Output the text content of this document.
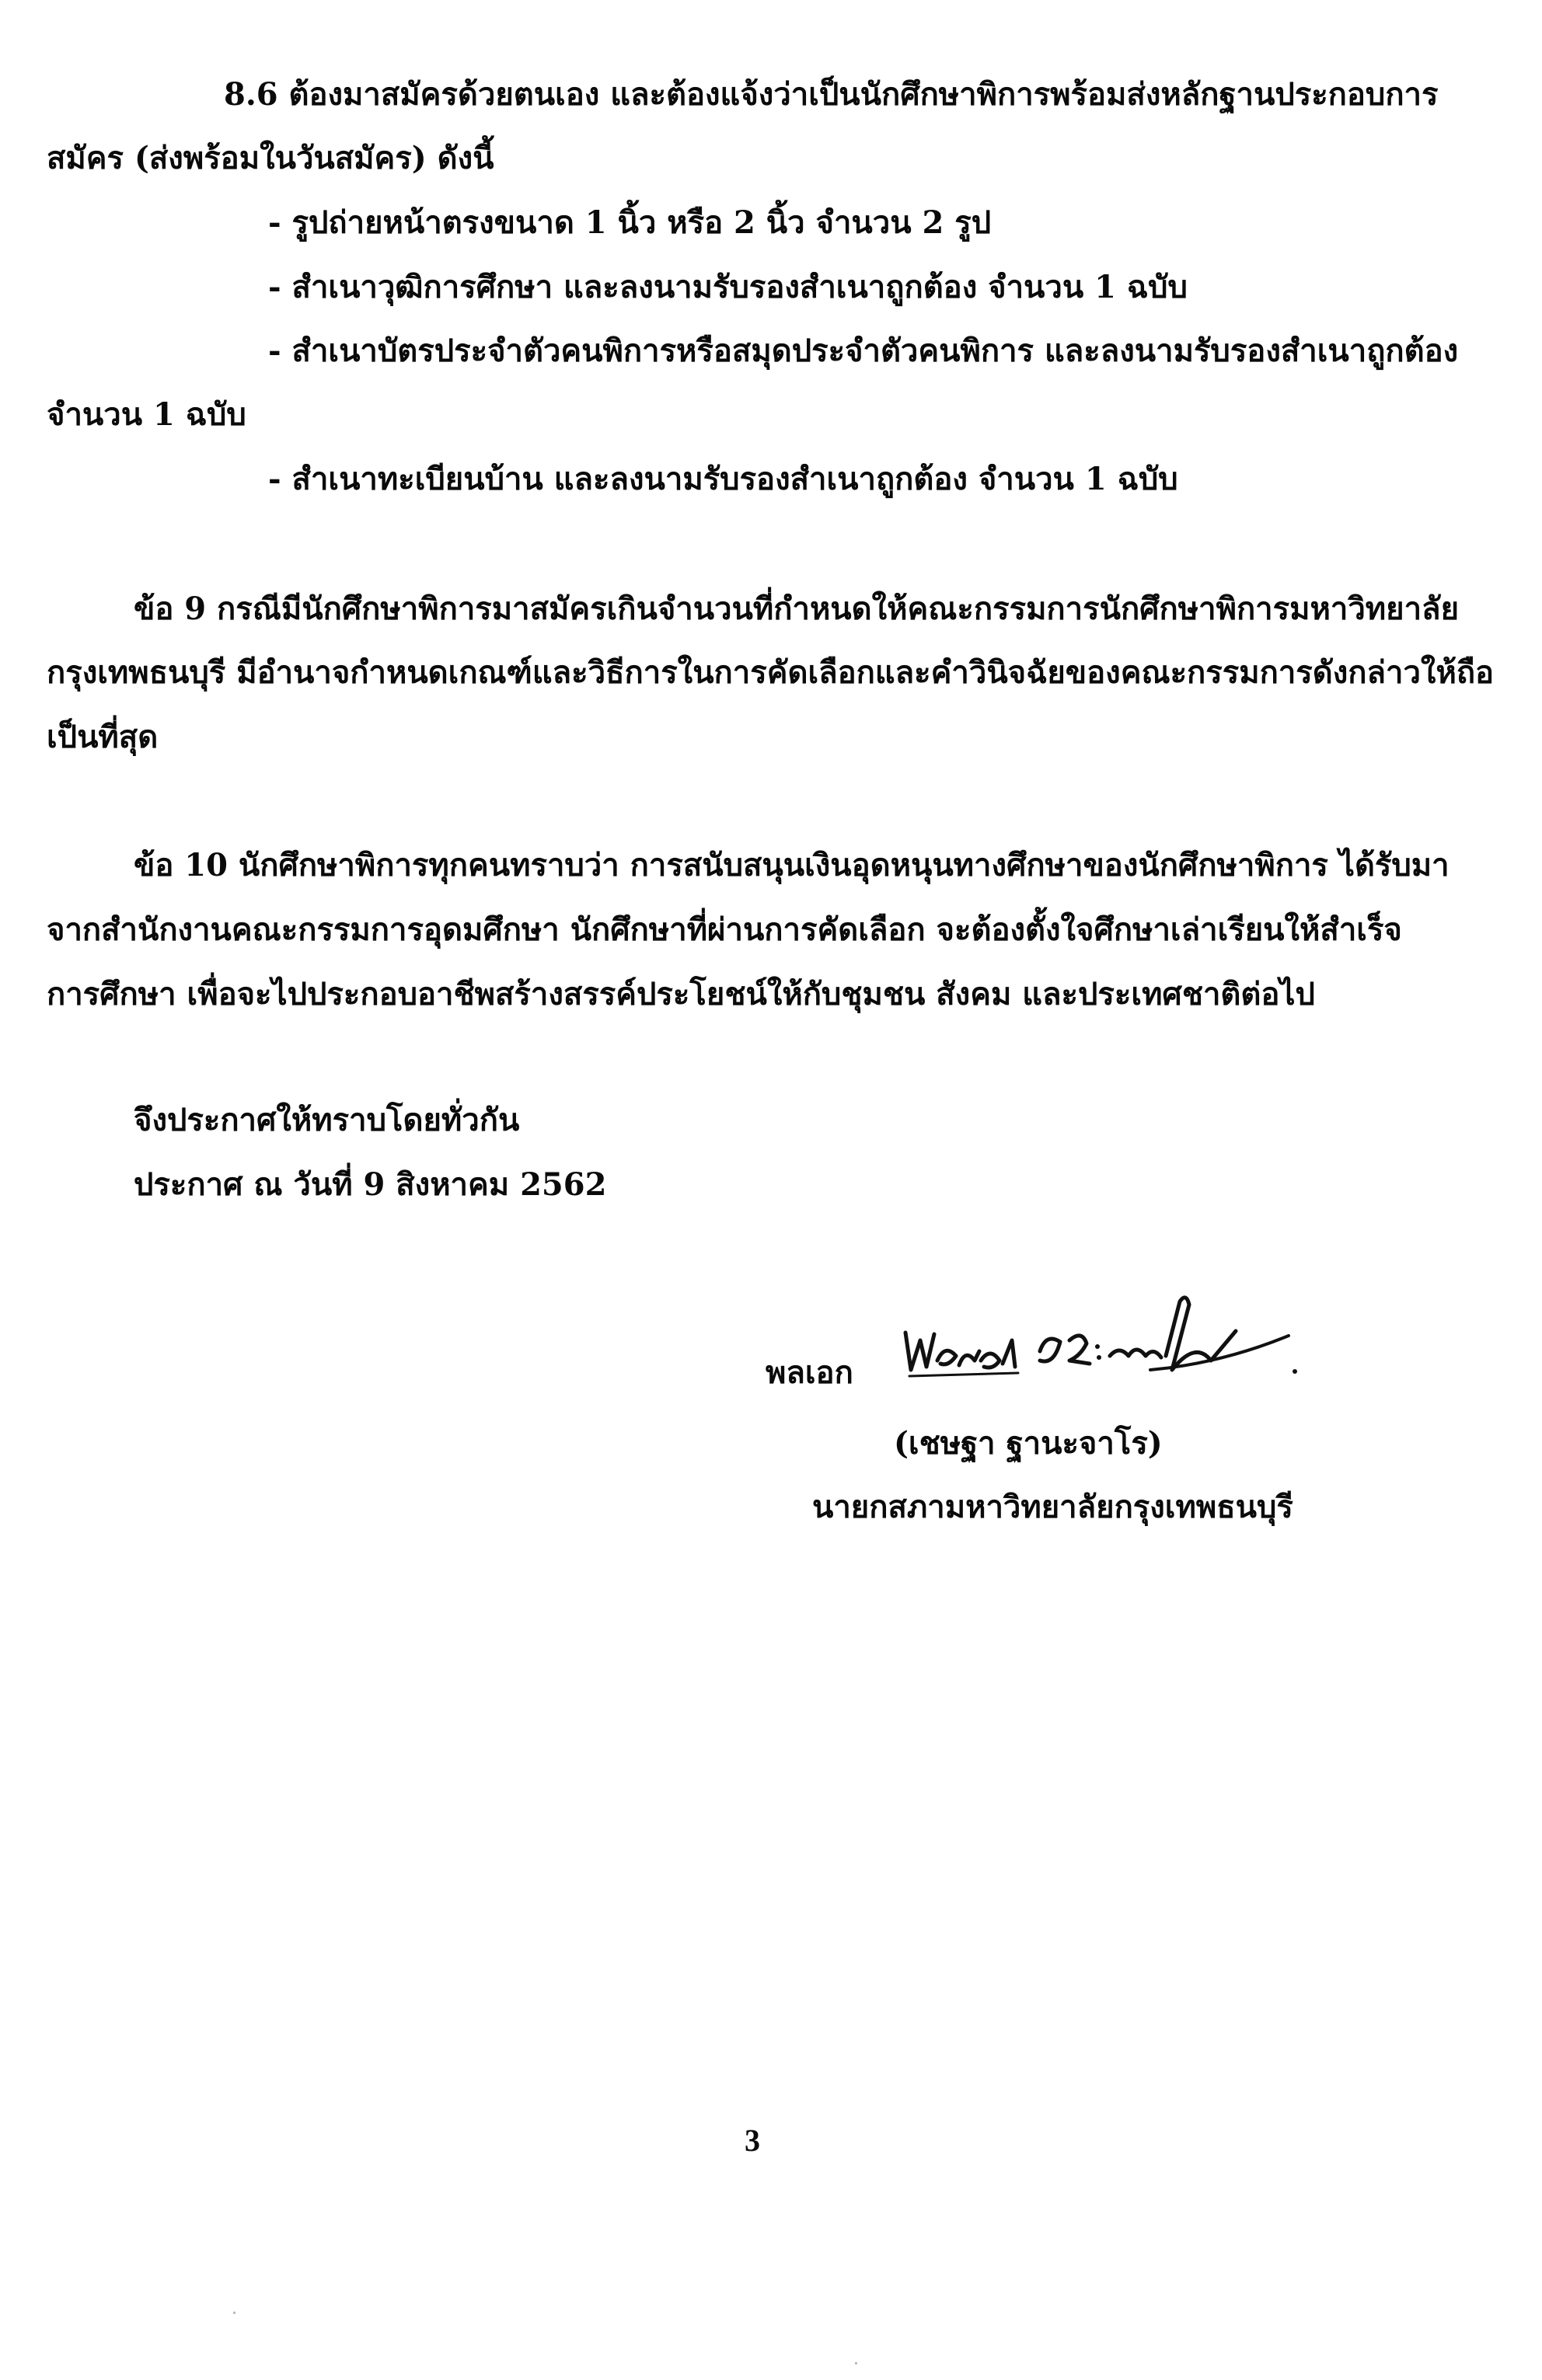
8.6 ต้องมาสมัครด้วยตนเอง และต้องแจ้งว่าเป็นนักศึกษาพิการพร้อมส่งหลักฐานประกอบการ
สมัคร (ส่งพร้อมในวันสมัคร) ดังนี้
- รูปถ่ายหน้าตรงขนาด 1 นิ้ว หรือ 2 นิ้ว จำนวน 2 รูป
- สำเนาวุฒิการศึกษา และลงนามรับรองสำเนาถูกต้อง จำนวน 1 ฉบับ
- สำเนาบัตรประจำตัวคนพิการหรือสมุดประจำตัวคนพิการ และลงนามรับรองสำเนาถูกต้อง
จำนวน 1 ฉบับ
- สำเนาทะเบียนบ้าน และลงนามรับรองสำเนาถูกต้อง จำนวน 1 ฉบับ
ข้อ 9 กรณีมีนักศึกษาพิการมาสมัครเกินจำนวนที่กำหนดให้คณะกรรมการนักศึกษาพิการมหาวิทยาลัย
กรุงเทพธนบุรี มีอำนาจกำหนดเกณฑ์และวิธีการในการคัดเลือกและคำวินิจฉัยของคณะกรรมการดังกล่าวให้ถือ
เป็นที่สุด
ข้อ 10 นักศึกษาพิการทุกคนทราบว่า การสนับสนุนเงินอุดหนุนทางศึกษาของนักศึกษาพิการ ได้รับมา
จากสำนักงานคณะกรรมการอุดมศึกษา นักศึกษาที่ผ่านการคัดเลือก จะต้องตั้งใจศึกษาเล่าเรียนให้สำเร็จ
การศึกษา เพื่อจะไปประกอบอาชีพสร้างสรรค์ประโยชน์ให้กับชุมชน สังคม และประเทศชาติต่อไป
จึงประกาศให้ทราบโดยทั่วกัน
ประกาศ ณ วันที่ 9 สิงหาคม 2562
พลเอก
(เชษฐา ฐานะจาโร)
นายกสภามหาวิทยาลัยกรุงเทพธนบุรี
3
